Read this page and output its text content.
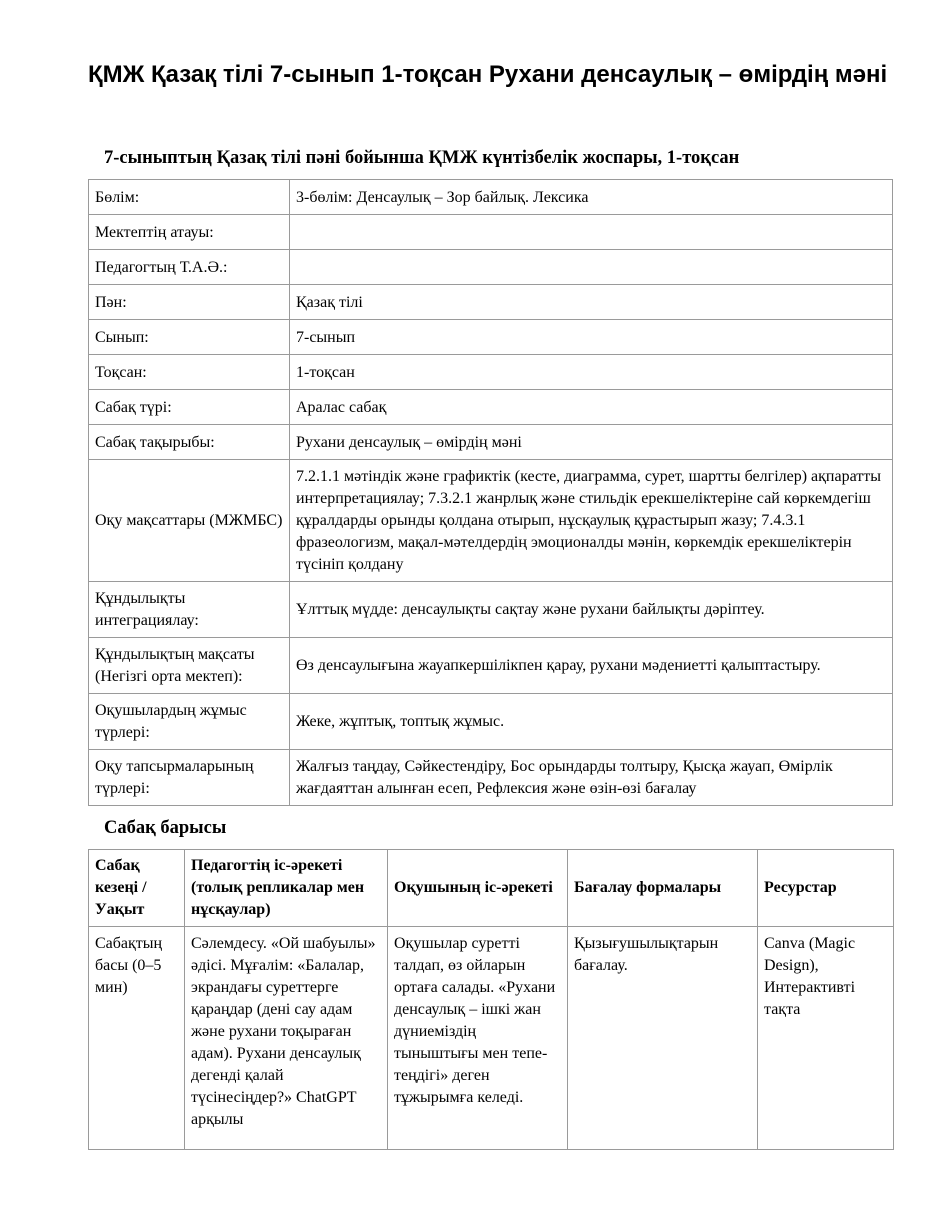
ҚМЖ Қазақ тілі 7-сынып 1-тоқсан Рухани денсаулық – өмірдің мәні
7-сыныптың Қазақ тілі пәні бойынша ҚМЖ күнтізбелік жоспары, 1-тоқсан
Бөлім:	3-бөлім: Денсаулық – Зор байлық. Лексика
Мектептің атауы:	
Педагогтың Т.А.Ә.:	
Пән:	Қазақ тілі
Сынып:	7-сынып
Тоқсан:	1-тоқсан
Сабақ түрі:	Аралас сабақ
Сабақ тақырыбы:	Рухани денсаулық – өмірдің мәні
Оқу мақсаттары (МЖМБС)	7.2.1.1 мәтіндік және графиктік (кесте, диаграмма, сурет, шартты белгілер) ақпаратты интерпретациялау; 7.3.2.1 жанрлық және стильдік ерекшеліктеріне сай көркемдегіш құралдарды орынды қолдана отырып, нұсқаулық құрастырып жазу; 7.4.3.1 фразеологизм, мақал-мәтелдердің эмоционалды мәнін, көркемдік ерекшеліктерін түсініп қолдану
Құндылықты интеграциялау:	Ұлттық мүдде: денсаулықты сақтау және рухани байлықты дәріптеу.
Құндылықтың мақсаты (Негізгі орта мектеп):	Өз денсаулығына жауапкершілікпен қарау, рухани мәдениетті қалыптастыру.
Оқушылардың жұмыс түрлері:	Жеке, жұптық, топтық жұмыс.
Оқу тапсырмаларының түрлері:	Жалғыз таңдау, Сәйкестендіру, Бос орындарды толтыру, Қысқа жауап, Өмірлік жағдаяттан алынған есеп, Рефлексия және өзін-өзі бағалау
Сабақ барысы
Сабақ кезеңі / Уақыт	Педагогтің іс-әрекеті (толық репликалар мен нұсқаулар)	Оқушының іс-әрекеті	Бағалау формалары	Ресурстар
Сабақтың басы (0–5 мин)	Сәлемдесу. «Ой шабуылы» әдісі. Мұғалім: «Балалар, экрандағы суреттерге қараңдар (дені сау адам және рухани тоқыраған адам). Рухани денсаулық дегенді қалай түсінесіңдер?» ChatGPT арқылы	Оқушылар суретті талдап, өз ойларын ортаға салады. «Рухани денсаулық – ішкі жан дүниеміздің тыныштығы мен тепе-теңдігі» деген тұжырымға келеді.	Қызығушылықтарын бағалау.	Canva (Magic Design), Интерактивті тақта
